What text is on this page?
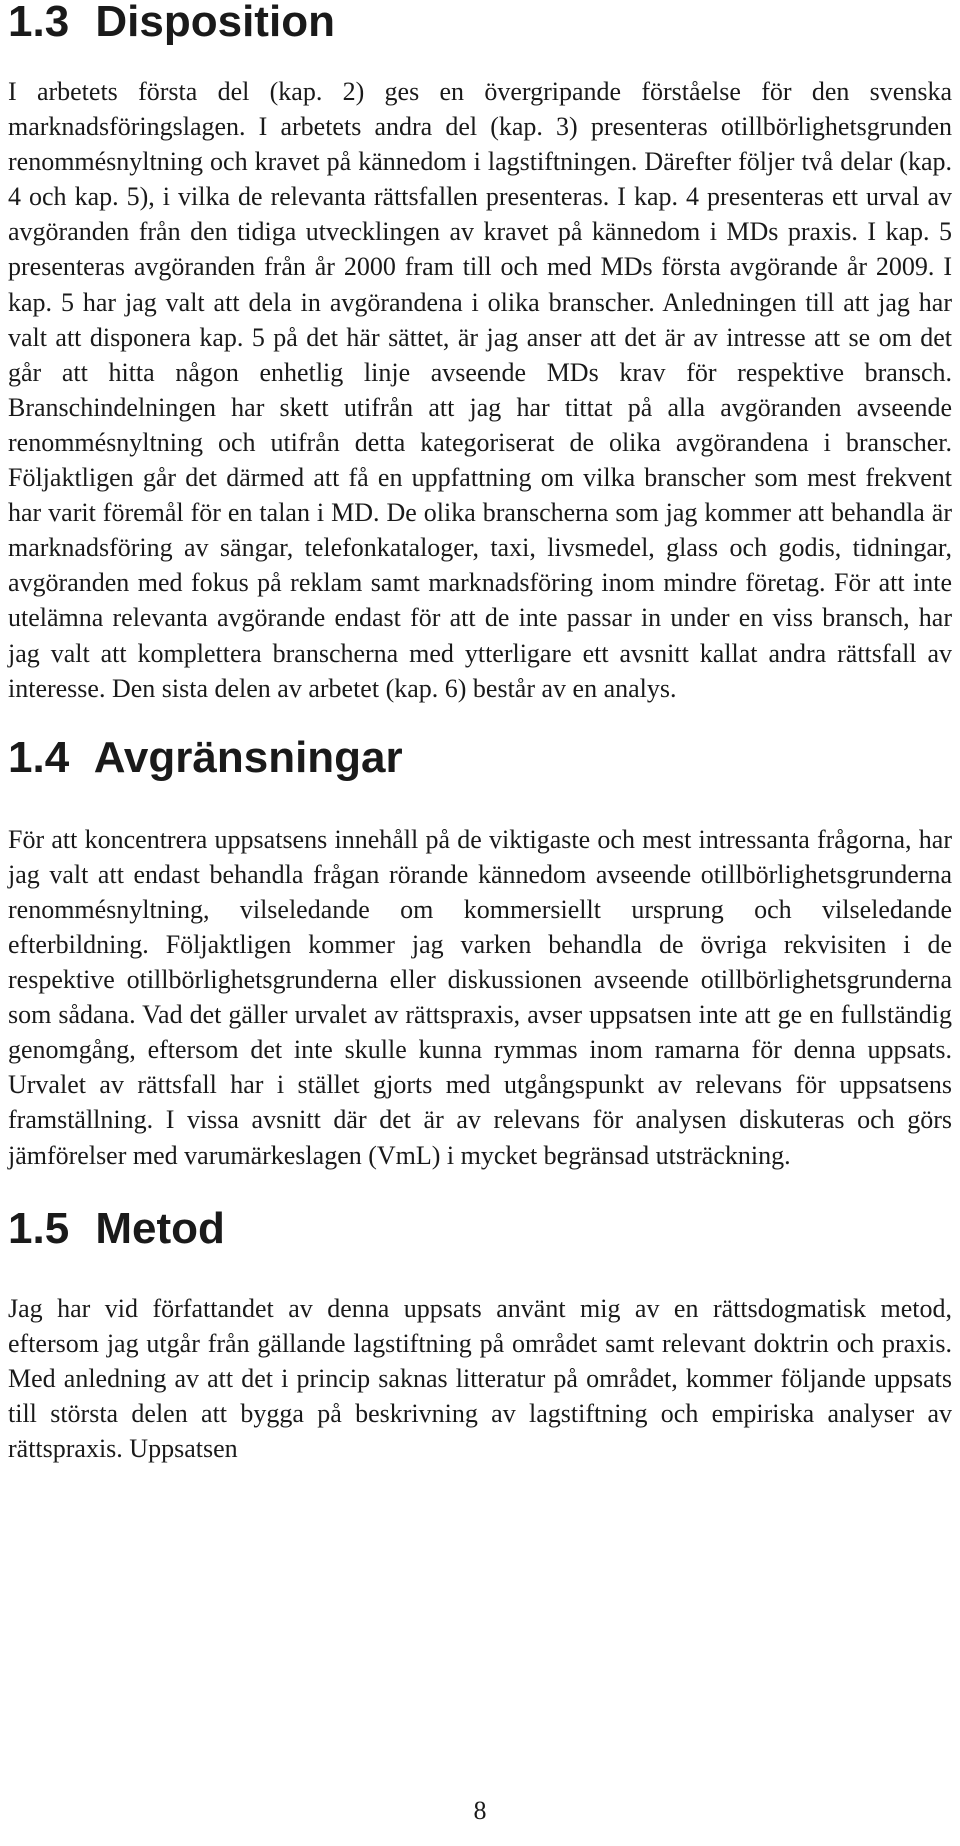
1.3 Disposition

I arbetets första del (kap. 2) ges en övergripande förståelse för den svenska marknadsföringslagen. I arbetets andra del (kap. 3) presenteras otillbörlighetsgrunden renommésnyltning och kravet på kännedom i lagstiftningen. Därefter följer två delar (kap. 4 och kap. 5), i vilka de relevanta rättsfallen presenteras. I kap. 4 presenteras ett urval av avgöranden från den tidiga utvecklingen av kravet på kännedom i MDs praxis. I kap. 5 presenteras avgöranden från år 2000 fram till och med MDs första avgörande år 2009. I kap. 5 har jag valt att dela in avgörandena i olika branscher. Anledningen till att jag har valt att disponera kap. 5 på det här sättet, är jag anser att det är av intresse att se om det går att hitta någon enhetlig linje avseende MDs krav för respektive bransch. Branschindelningen har skett utifrån att jag har tittat på alla avgöranden avseende renommésnyltning och utifrån detta kategoriserat de olika avgörandena i branscher. Följaktligen går det därmed att få en uppfattning om vilka branscher som mest frekvent har varit föremål för en talan i MD. De olika branscherna som jag kommer att behandla är marknadsföring av sängar, telefonkataloger, taxi, livsmedel, glass och godis, tidningar, avgöranden med fokus på reklam samt marknadsföring inom mindre företag. För att inte utelämna relevanta avgörande endast för att de inte passar in under en viss bransch, har jag valt att komplettera branscherna med ytterligare ett avsnitt kallat andra rättsfall av interesse. Den sista delen av arbetet (kap. 6) består av en analys.

1.4 Avgränsningar

För att koncentrera uppsatsens innehåll på de viktigaste och mest intressanta frågorna, har jag valt att endast behandla frågan rörande kännedom avseende otillbörlighetsgrunderna renommésnyltning, vilseledande om kommersiellt ursprung och vilseledande efterbildning. Följaktligen kommer jag varken behandla de övriga rekvisiten i de respektive otillbörlighetsgrunderna eller diskussionen avseende otillbörlighetsgrunderna som sådana. Vad det gäller urvalet av rättspraxis, avser uppsatsen inte att ge en fullständig genomgång, eftersom det inte skulle kunna rymmas inom ramarna för denna uppsats. Urvalet av rättsfall har i stället gjorts med utgångspunkt av relevans för uppsatsens framställning. I vissa avsnitt där det är av relevans för analysen diskuteras och görs jämförelser med varumärkeslagen (VmL) i mycket begränsad utsträckning.

1.5 Metod

Jag har vid författandet av denna uppsats använt mig av en rättsdogmatisk metod, eftersom jag utgår från gällande lagstiftning på området samt relevant doktrin och praxis. Med anledning av att det i princip saknas litteratur på området, kommer följande uppsats till största delen att bygga på beskrivning av lagstiftning och empiriska analyser av rättspraxis. Uppsatsen

8
